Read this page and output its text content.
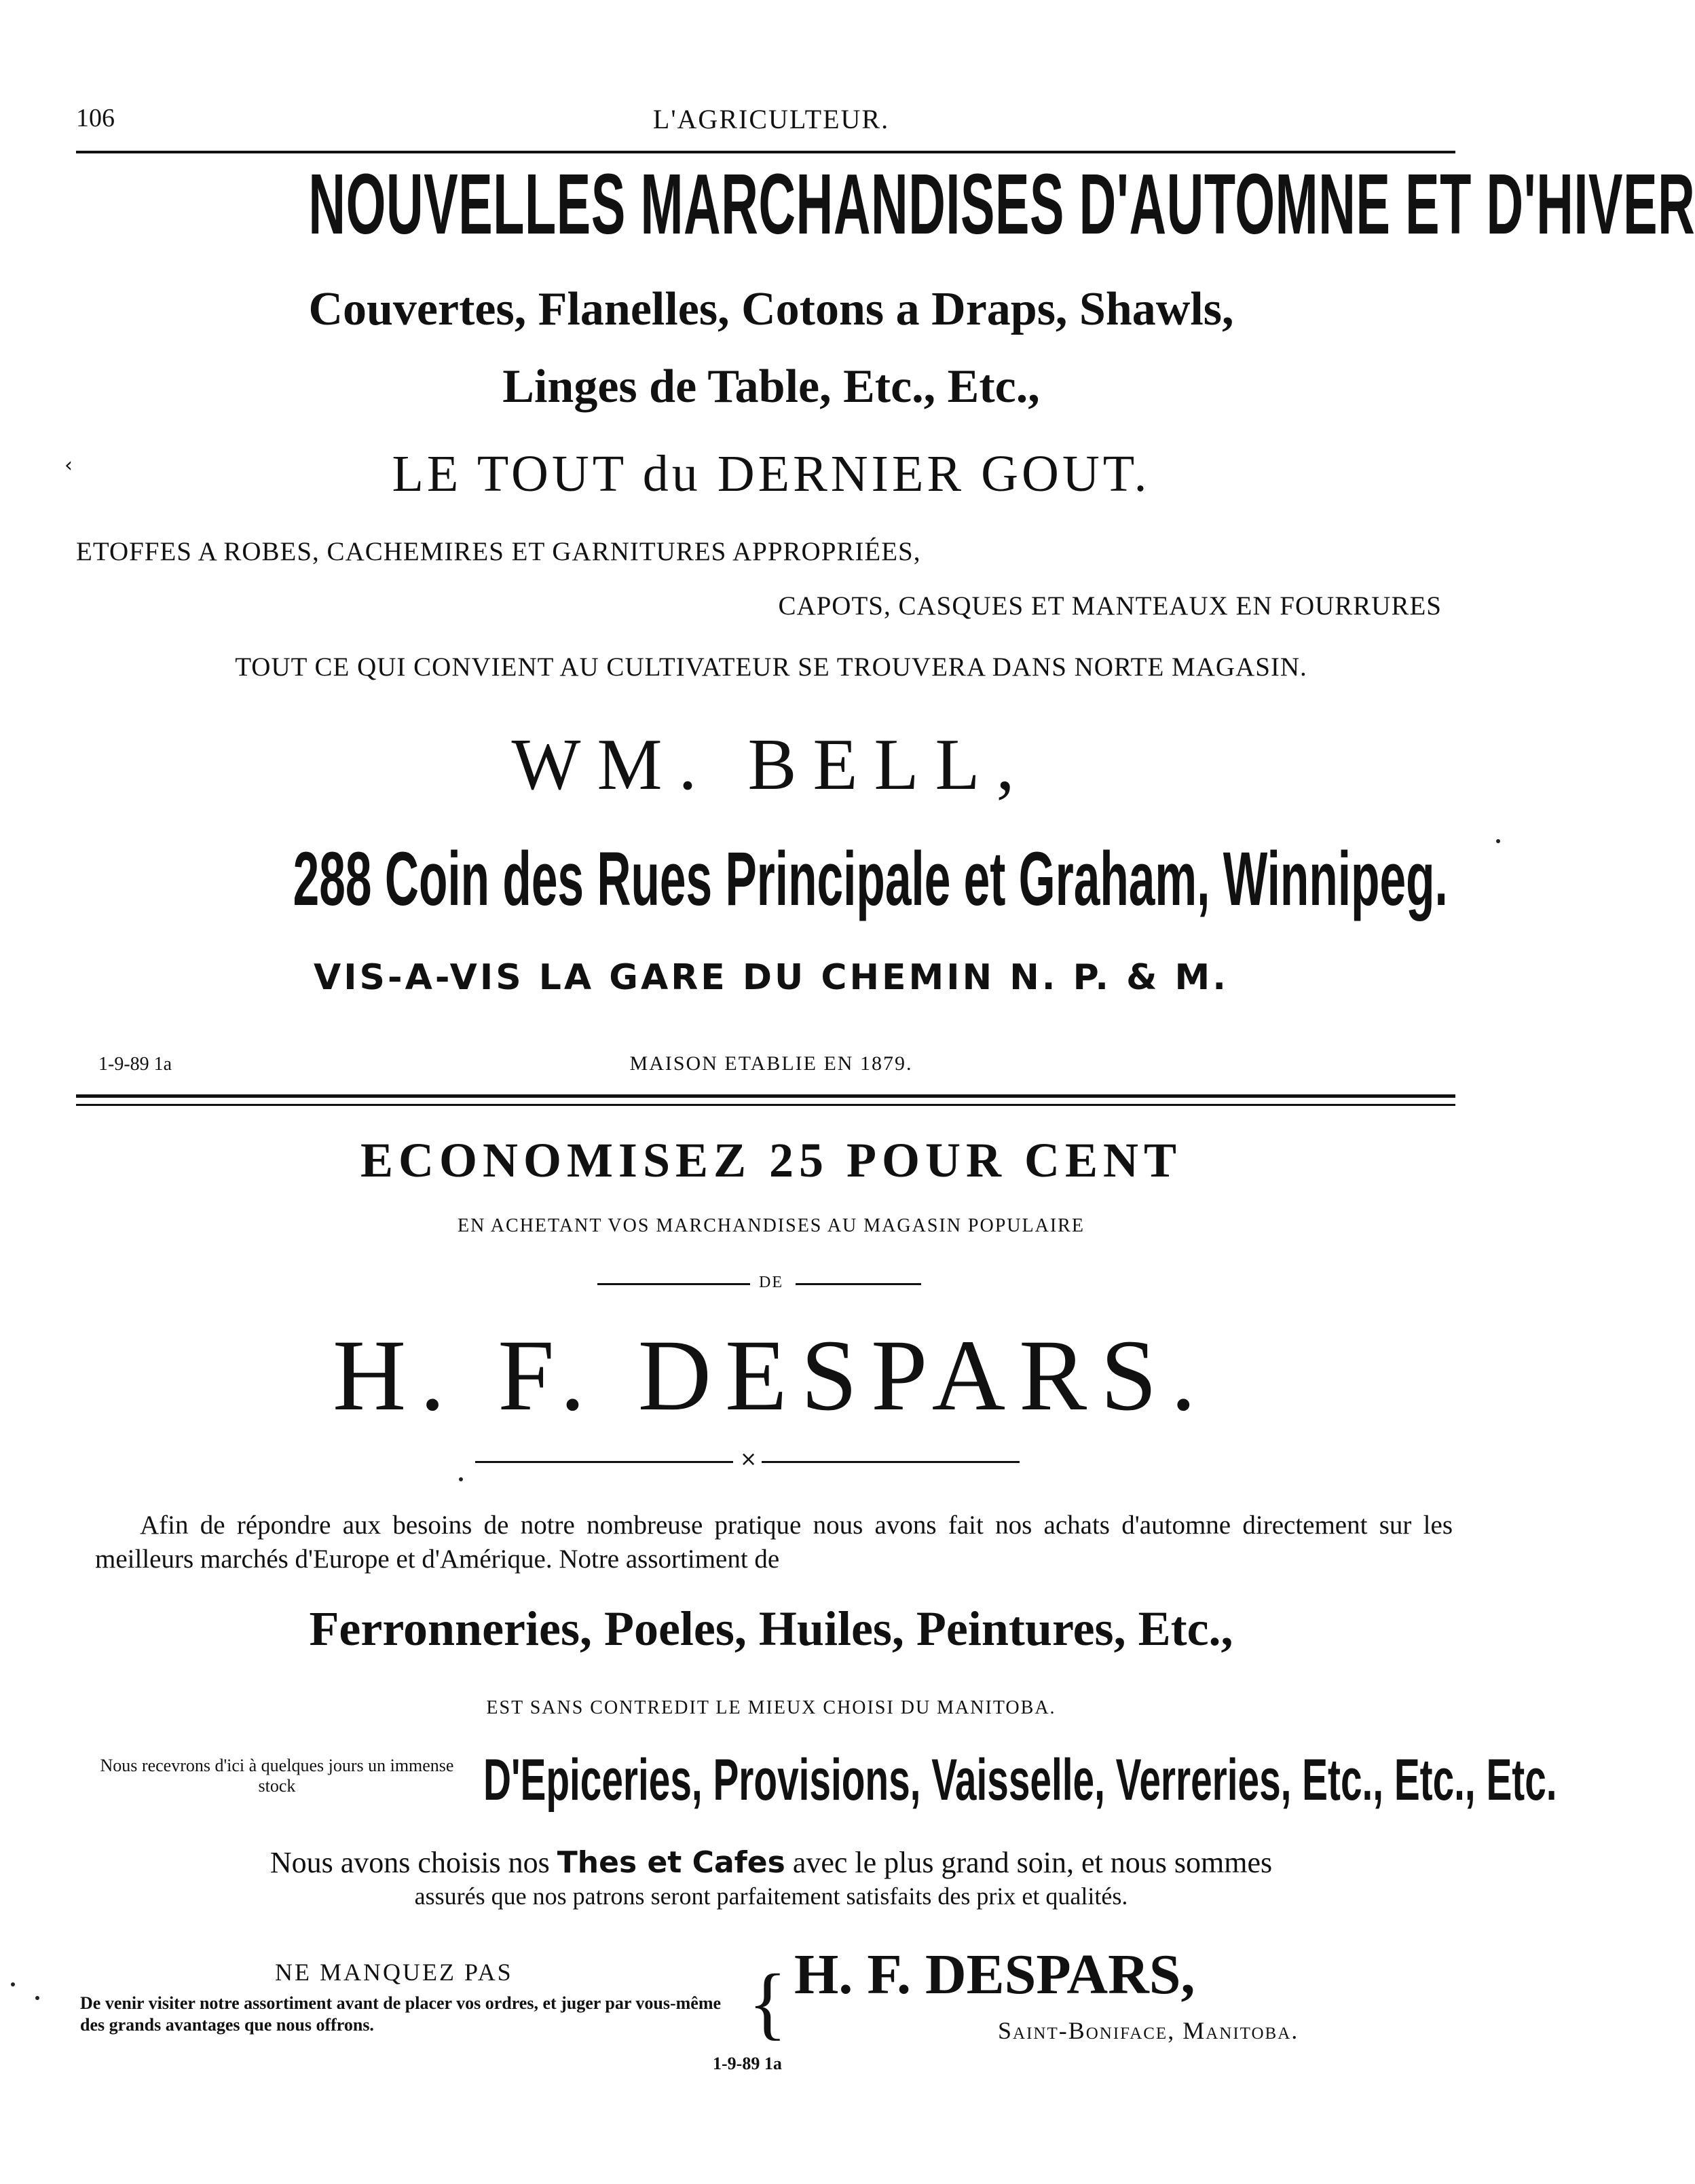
106	L'AGRICULTEUR.
NOUVELLES MARCHANDISES D'AUTOMNE ET D'HIVER
Couvertes, Flanelles, Cotons a Draps, Shawls,
Linges de Table, Etc., Etc.,
‹	LE TOUT du DERNIER GOUT.
ETOFFES A ROBES, CACHEMIRES ET GARNITURES APPROPRIÉES,
CAPOTS, CASQUES ET MANTEAUX EN FOURRURES
TOUT CE QUI CONVIENT AU CULTIVATEUR SE TROUVERA DANS NORTE MAGASIN.
WM. BELL,
288 Coin des Rues Principale et Graham, Winnipeg.
VIS-A-VIS LA GARE DU CHEMIN N. P. & M.
1-9-89 1a	MAISON ETABLIE EN 1879.
ECONOMISEZ 25 POUR CENT
EN ACHETANT VOS MARCHANDISES AU MAGASIN POPULAIRE
DE
H. F. DESPARS.
×
Afin de répondre aux besoins de notre nombreuse pratique nous avons fait nos achats d'automne directement sur les meilleurs marchés d'Europe et d'Amérique. Notre assortiment de
Ferronneries, Poeles, Huiles, Peintures, Etc.,
EST SANS CONTREDIT LE MIEUX CHOISI DU MANITOBA.
Nous recevrons d'ici à quelques jours un immense stock	D'Epiceries, Provisions, Vaisselle, Verreries, Etc., Etc., Etc.
Nous avons choisis nos Thes et Cafes avec le plus grand soin, et nous sommes
assurés que nos patrons seront parfaitement satisfaits des prix et qualités.
NE MANQUEZ PAS
De venir visiter notre assortiment avant de placer vos ordres, et juger par vous-même des grands avantages que nous offrons.	{ H. F. DESPARS,
Saint-Boniface, Manitoba.
1-9-89 1a
